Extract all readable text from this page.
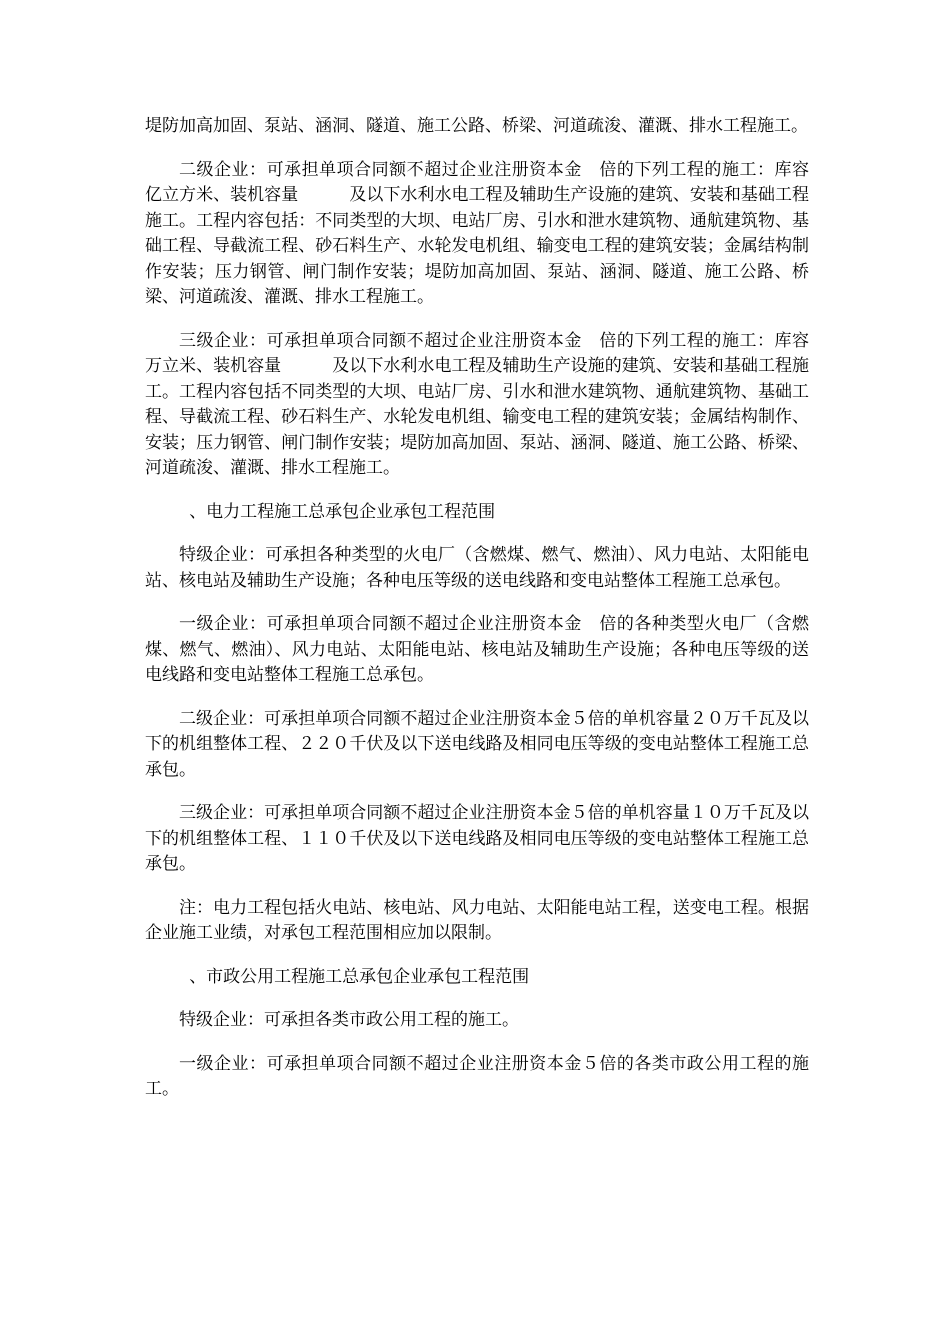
堤防加高加固、泵站、涵洞、隧道、施工公路、桥梁、河道疏浚、灌溉、排水工程施工。

二级企业：可承担单项合同额不超过企业注册资本金　倍的下列工程的施工：库容　亿立方米、装机容量　　　及以下水利水电工程及辅助生产设施的建筑、安装和基础工程施工。工程内容包括：不同类型的大坝、电站厂房、引水和泄水建筑物、通航建筑物、基础工程、导截流工程、砂石料生产、水轮发电机组、输变电工程的建筑安装；金属结构制作安装；压力钢管、闸门制作安装；堤防加高加固、泵站、涵洞、隧道、施工公路、桥梁、河道疏浚、灌溉、排水工程施工。

三级企业：可承担单项合同额不超过企业注册资本金　倍的下列工程的施工：库容　　　万立米、装机容量　　　及以下水利水电工程及辅助生产设施的建筑、安装和基础工程施工。工程内容包括不同类型的大坝、电站厂房、引水和泄水建筑物、通航建筑物、基础工程、导截流工程、砂石料生产、水轮发电机组、输变电工程的建筑安装；金属结构制作、安装；压力钢管、闸门制作安装；堤防加高加固、泵站、涵洞、隧道、施工公路、桥梁、河道疏浚、灌溉、排水工程施工。

、电力工程施工总承包企业承包工程范围

特级企业：可承担各种类型的火电厂（含燃煤、燃气、燃油）、风力电站、太阳能电站、核电站及辅助生产设施；各种电压等级的送电线路和变电站整体工程施工总承包。

一级企业：可承担单项合同额不超过企业注册资本金　倍的各种类型火电厂（含燃煤、燃气、燃油）、风力电站、太阳能电站、核电站及辅助生产设施；各种电压等级的送电线路和变电站整体工程施工总承包。

二级企业：可承担单项合同额不超过企业注册资本金５倍的单机容量２０万千瓦及以下的机组整体工程、２２０千伏及以下送电线路及相同电压等级的变电站整体工程施工总承包。

三级企业：可承担单项合同额不超过企业注册资本金５倍的单机容量１０万千瓦及以下的机组整体工程、１１０千伏及以下送电线路及相同电压等级的变电站整体工程施工总承包。

注：电力工程包括火电站、核电站、风力电站、太阳能电站工程，送变电工程。根据企业施工业绩，对承包工程范围相应加以限制。

、市政公用工程施工总承包企业承包工程范围

特级企业：可承担各类市政公用工程的施工。

一级企业：可承担单项合同额不超过企业注册资本金５倍的各类市政公用工程的施工。
